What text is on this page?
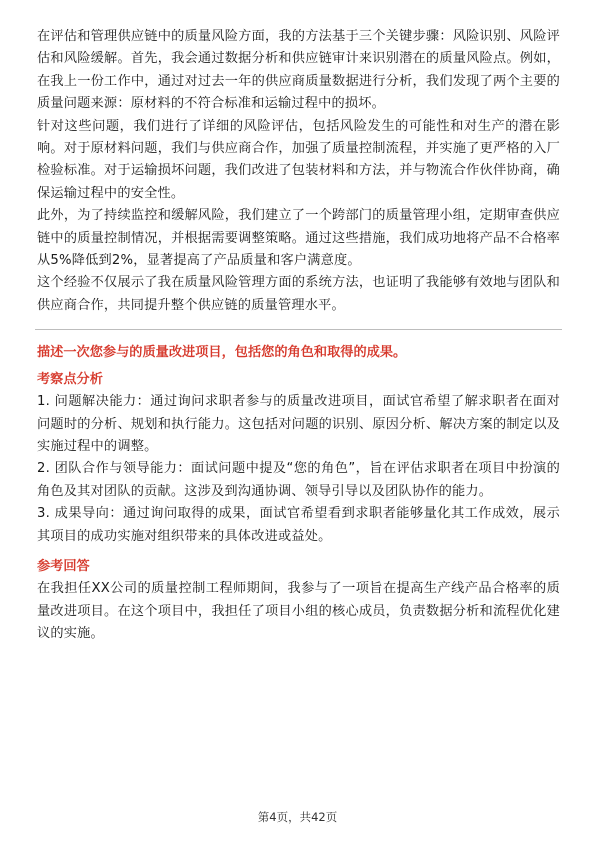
在评估和管理供应链中的质量风险方面，我的方法基于三个关键步骤：风险识别、风险评估和风险缓解。首先，我会通过数据分析和供应链审计来识别潜在的质量风险点。例如，在我上一份工作中，通过对过去一年的供应商质量数据进行分析，我们发现了两个主要的质量问题来源：原材料的不符合标准和运输过程中的损坏。

针对这些问题，我们进行了详细的风险评估，包括风险发生的可能性和对生产的潜在影响。对于原材料问题，我们与供应商合作，加强了质量控制流程，并实施了更严格的入厂检验标准。对于运输损坏问题，我们改进了包装材料和方法，并与物流合作伙伴协商，确保运输过程中的安全性。

此外，为了持续监控和缓解风险，我们建立了一个跨部门的质量管理小组，定期审查供应链中的质量控制情况，并根据需要调整策略。通过这些措施，我们成功地将产品不合格率从5%降低到2%，显著提高了产品质量和客户满意度。

这个经验不仅展示了我在质量风险管理方面的系统方法，也证明了我能够有效地与团队和供应商合作，共同提升整个供应链的质量管理水平。

描述一次您参与的质量改进项目，包括您的角色和取得的成果。

考察点分析

1. 问题解决能力：通过询问求职者参与的质量改进项目，面试官希望了解求职者在面对问题时的分析、规划和执行能力。这包括对问题的识别、原因分析、解决方案的制定以及实施过程中的调整。

2. 团队合作与领导能力：面试问题中提及“您的角色”，旨在评估求职者在项目中扮演的角色及其对团队的贡献。这涉及到沟通协调、领导引导以及团队协作的能力。

3. 成果导向：通过询问取得的成果，面试官希望看到求职者能够量化其工作成效，展示其项目的成功实施对组织带来的具体改进或益处。

参考回答

在我担任XX公司的质量控制工程师期间，我参与了一项旨在提高生产线产品合格率的质量改进项目。在这个项目中，我担任了项目小组的核心成员，负责数据分析和流程优化建议的实施。

第4页，共42页
